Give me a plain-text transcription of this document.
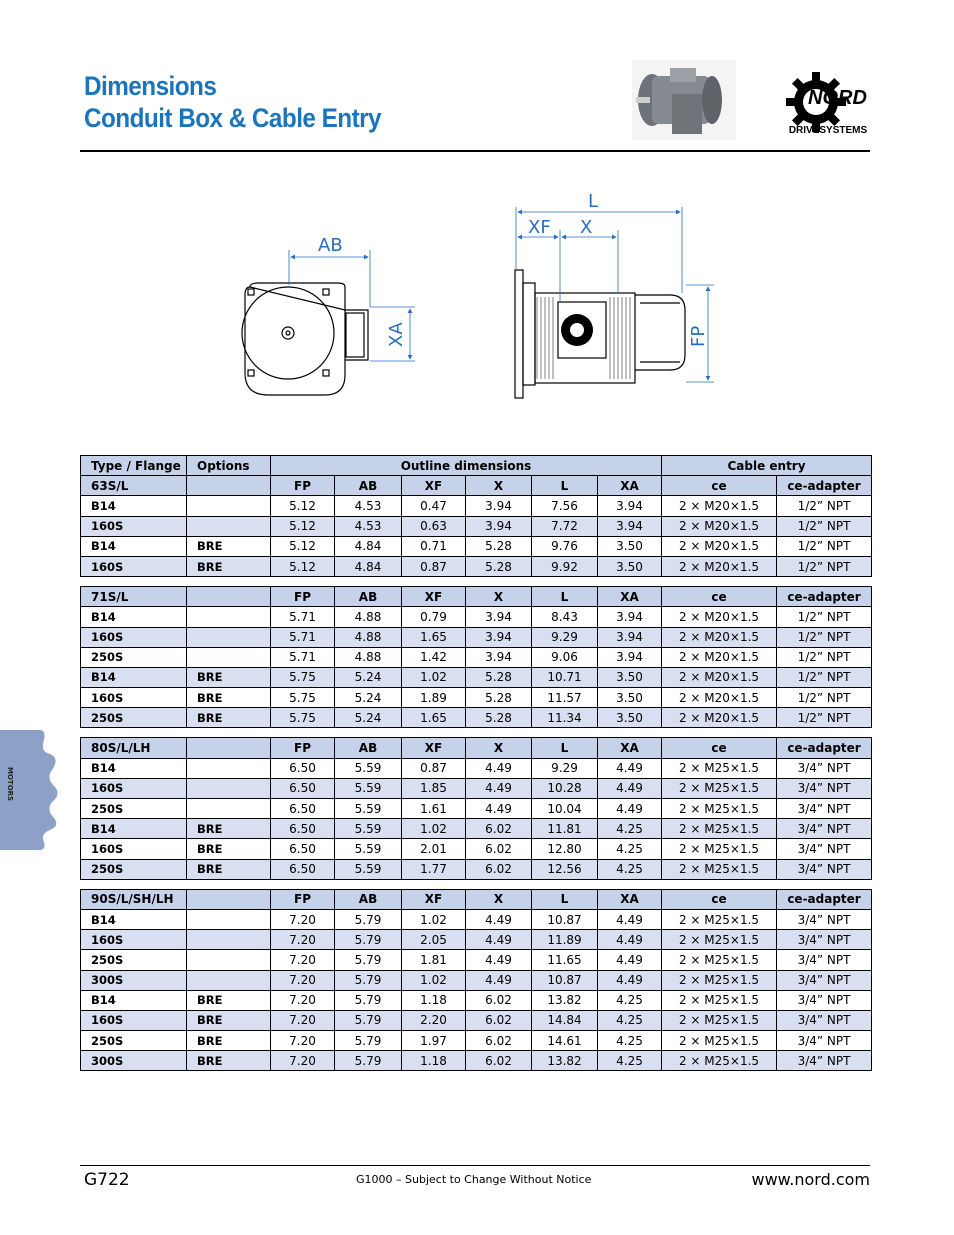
Dimensions
Conduit Box & Cable Entry
NORD
DRIVESYSTEMS
AB
XA
L
XF X
FP
Type / Flange	Options	Outline dimensions						Cable entry	
63S/L		FP	AB	XF	X	L	XA	ce	ce-adapter
B14		5.12	4.53	0.47	3.94	7.56	3.94	2 × M20×1.5	1/2” NPT
160S		5.12	4.53	0.63	3.94	7.72	3.94	2 × M20×1.5	1/2” NPT
B14	BRE	5.12	4.84	0.71	5.28	9.76	3.50	2 × M20×1.5	1/2” NPT
160S	BRE	5.12	4.84	0.87	5.28	9.92	3.50	2 × M20×1.5	1/2” NPT

71S/L		FP	AB	XF	X	L	XA	ce	ce-adapter
B14		5.71	4.88	0.79	3.94	8.43	3.94	2 × M20×1.5	1/2” NPT
160S		5.71	4.88	1.65	3.94	9.29	3.94	2 × M20×1.5	1/2” NPT
250S		5.71	4.88	1.42	3.94	9.06	3.94	2 × M20×1.5	1/2” NPT
B14	BRE	5.75	5.24	1.02	5.28	10.71	3.50	2 × M20×1.5	1/2” NPT
160S	BRE	5.75	5.24	1.89	5.28	11.57	3.50	2 × M20×1.5	1/2” NPT
250S	BRE	5.75	5.24	1.65	5.28	11.34	3.50	2 × M20×1.5	1/2” NPT

80S/L/LH		FP	AB	XF	X	L	XA	ce	ce-adapter
B14		6.50	5.59	0.87	4.49	9.29	4.49	2 × M25×1.5	3/4” NPT
160S		6.50	5.59	1.85	4.49	10.28	4.49	2 × M25×1.5	3/4” NPT
250S		6.50	5.59	1.61	4.49	10.04	4.49	2 × M25×1.5	3/4” NPT
B14	BRE	6.50	5.59	1.02	6.02	11.81	4.25	2 × M25×1.5	3/4” NPT
160S	BRE	6.50	5.59	2.01	6.02	12.80	4.25	2 × M25×1.5	3/4” NPT
250S	BRE	6.50	5.59	1.77	6.02	12.56	4.25	2 × M25×1.5	3/4” NPT

90S/L/SH/LH		FP	AB	XF	X	L	XA	ce	ce-adapter
B14		7.20	5.79	1.02	4.49	10.87	4.49	2 × M25×1.5	3/4” NPT
160S		7.20	5.79	2.05	4.49	11.89	4.49	2 × M25×1.5	3/4” NPT
250S		7.20	5.79	1.81	4.49	11.65	4.49	2 × M25×1.5	3/4” NPT
300S		7.20	5.79	1.02	4.49	10.87	4.49	2 × M25×1.5	3/4” NPT
B14	BRE	7.20	5.79	1.18	6.02	13.82	4.25	2 × M25×1.5	3/4” NPT
160S	BRE	7.20	5.79	2.20	6.02	14.84	4.25	2 × M25×1.5	3/4” NPT
250S	BRE	7.20	5.79	1.97	6.02	14.61	4.25	2 × M25×1.5	3/4” NPT
300S	BRE	7.20	5.79	1.18	6.02	13.82	4.25	2 × M25×1.5	3/4” NPT
MOTORS
G722	G1000 – Subject to Change Without Notice	www.nord.com
